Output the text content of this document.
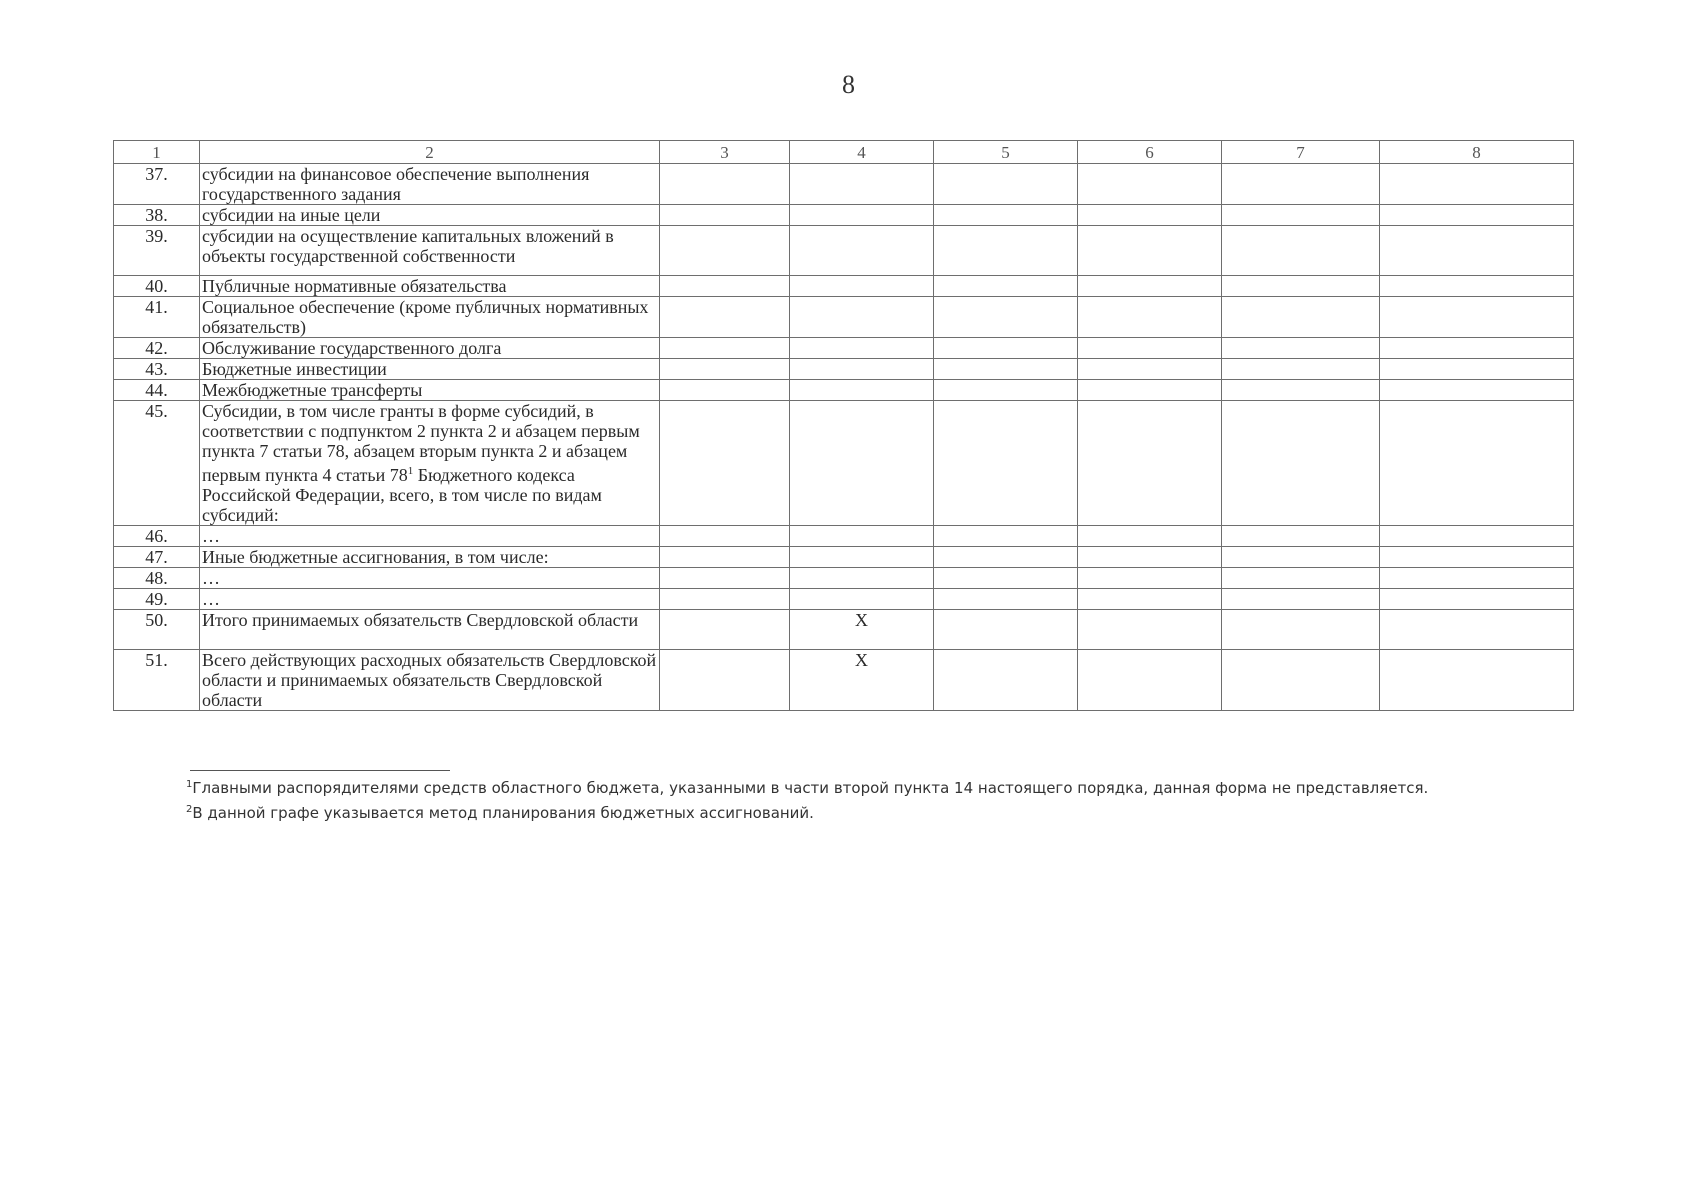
8
1	2	3	4	5	6	7	8
37.	субсидии на финансовое обеспечение выполнения государственного задания						
38.	субсидии на иные цели						
39.	субсидии на осуществление капитальных вложений в объекты государственной собственности						
40.	Публичные нормативные обязательства						
41.	Социальное обеспечение (кроме публичных нормативных обязательств)						
42.	Обслуживание государственного долга						
43.	Бюджетные инвестиции						
44.	Межбюджетные трансферты						
45.	Субсидии, в том числе гранты в форме субсидий, в соответствии с подпунктом 2 пункта 2 и абзацем первым пункта 7 статьи 78, абзацем вторым пункта 2 и абзацем первым пункта 4 статьи $78^1$ Бюджетного кодекса Российской Федерации, всего, в том числе по видам субсидий:						
46.	…						
47.	Иные бюджетные ассигнования, в том числе:						
48.	…						
49.	…						
50.	Итого принимаемых обязательств Свердловской области		Х				
51.	Всего действующих расходных обязательств Свердловской области и принимаемых обязательств Свердловской области		Х				
$^1$Главными распорядителями средств областного бюджета, указанными в части второй пункта 14 настоящего порядка, данная форма не представляется.
$^2$В данной графе указывается метод планирования бюджетных ассигнований.
